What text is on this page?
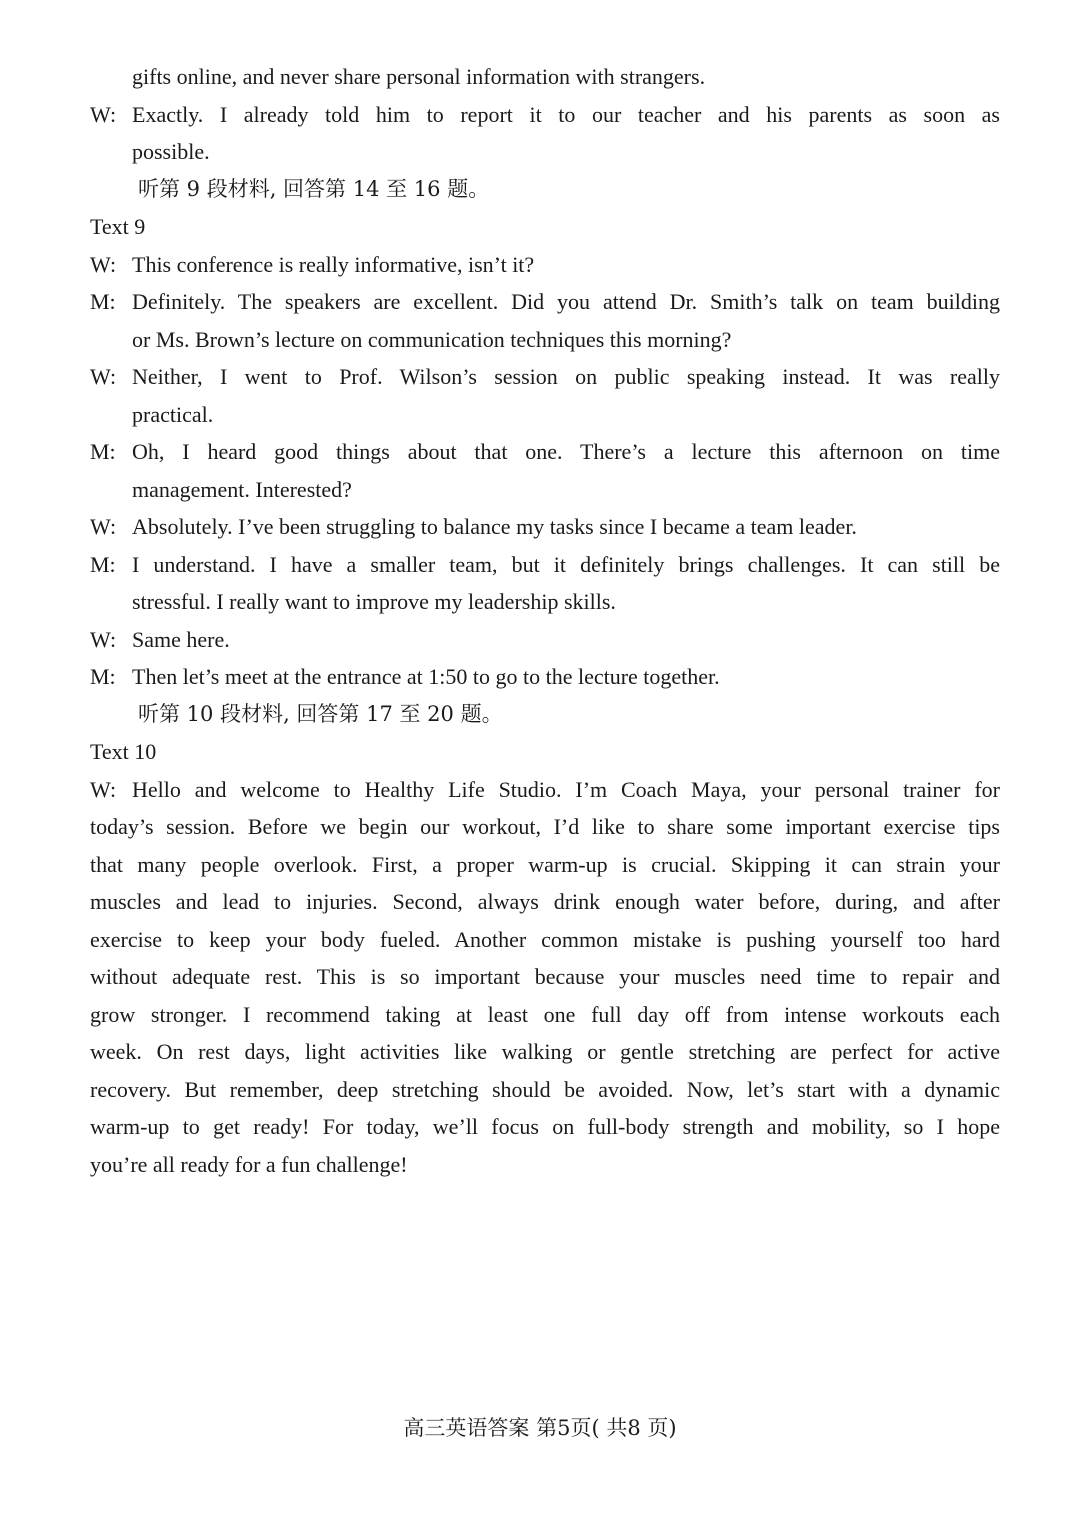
gifts online, and never share personal information with strangers.
W: Exactly. I already told him to report it to our teacher and his parents as soon as
possible.
听第 9 段材料, 回答第 14 至 16 题。
Text 9
W: This conference is really informative, isn’t it?
M: Definitely. The speakers are excellent. Did you attend Dr. Smith’s talk on team building
or Ms. Brown’s lecture on communication techniques this morning?
W: Neither, I went to Prof. Wilson’s session on public speaking instead. It was really
practical.
M: Oh, I heard good things about that one. There’s a lecture this afternoon on time
management. Interested?
W: Absolutely. I’ve been struggling to balance my tasks since I became a team leader.
M: I understand. I have a smaller team, but it definitely brings challenges. It can still be
stressful. I really want to improve my leadership skills.
W: Same here.
M: Then let’s meet at the entrance at 1:50 to go to the lecture together.
听第 10 段材料, 回答第 17 至 20 题。
Text 10
W: Hello and welcome to Healthy Life Studio. I’m Coach Maya, your personal trainer for
today’s session. Before we begin our workout, I’d like to share some important exercise tips
that many people overlook. First, a proper warm-up is crucial. Skipping it can strain your
muscles and lead to injuries. Second, always drink enough water before, during, and after
exercise to keep your body fueled. Another common mistake is pushing yourself too hard
without adequate rest. This is so important because your muscles need time to repair and
grow stronger. I recommend taking at least one full day off from intense workouts each
week. On rest days, light activities like walking or gentle stretching are perfect for active
recovery. But remember, deep stretching should be avoided. Now, let’s start with a dynamic
warm-up to get ready! For today, we’ll focus on full-body strength and mobility, so I hope
you’re all ready for a fun challenge!
高三英语答案 第5页( 共8 页)
